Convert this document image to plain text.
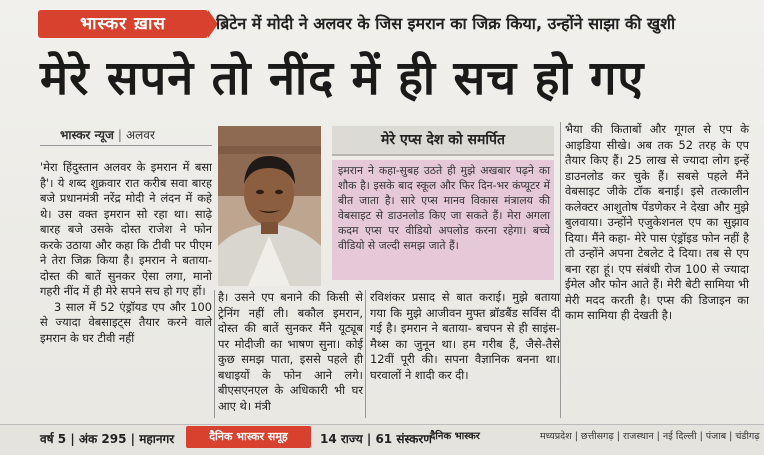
भास्कर ख़ास	ब्रिटेन में मोदी ने अलवर के जिस इमरान का जिक्र किया, उन्होंने साझा की खुशी
मेरे सपने तो नींद में ही सच हो गए
भास्कर न्यूज | अलवर

'मेरा हिंदुस्तान अलवर के इमरान में बसा है'। ये शब्द शुक्रवार रात करीब सवा बारह बजे प्रधानमंत्री नरेंद्र मोदी ने लंदन में कहे थे। उस वक्त इमरान सो रहा था। साढ़े बारह बजे उसके दोस्त राजेश ने फोन करके उठाया और कहा कि टीवी पर पीएम ने तेरा जिक्र किया है। इमरान ने बताया-दोस्त की बातें सुनकर ऐसा लगा, मानो गहरी नींद में ही मेरे सपने सच हो गए हों।

3 साल में 52 एंड्रॉयड एप और 100 से ज्यादा वेबसाइट्स तैयार करने वाले इमरान के घर टीवी नहीं

मेरे एप्स देश को समर्पित
इमरान ने कहा-सुबह उठते ही मुझे अखबार पढ़ने का शौक है। इसके बाद स्कूल और फिर दिन-भर कंप्यूटर में बीत जाता है। सारे एप्स मानव विकास मंत्रालय की वेबसाइट से डाउनलोड किए जा सकते हैं। मेरा अगला कदम एप्स पर वीडियो अपलोड करना रहेगा। बच्चे वीडियो से जल्दी समझ जाते हैं।
है। उसने एप बनाने की किसी से ट्रेनिंग नहीं ली। बकौल इमरान, दोस्त की बातें सुनकर मैंने यूट्यूब पर मोदीजी का भाषण सुना। कोई कुछ समझ पाता, इससे पहले ही बधाइयों के फोन आने लगे। बीएसएनएल के अधिकारी भी घर आए थे। मंत्री
रविशंकर प्रसाद से बात कराई। मुझे बताया गया कि मुझे आजीवन मुफ्त ब्रॉडबैंड सर्विस दी गई है। इमरान ने बताया- बचपन से ही साइंस-मैथ्स का जुनून था। हम गरीब हैं, जैसे-तैसे 12वीं पूरी की। सपना वैज्ञानिक बनना था। घरवालों ने शादी कर दी।
भैया की किताबों और गूगल से एप के आइडिया सीखे। अब तक 52 तरह के एप तैयार किए हैं। 25 लाख से ज्यादा लोग इन्हें डाउनलोड कर चुके हैं। सबसे पहले मैंने वेबसाइट जीके टॉक बनाई। इसे तत्कालीन कलेक्टर आशुतोष पेंडणेकर ने देखा और मुझे बुलवाया। उन्होंने एजुकेशनल एप का सुझाव दिया। मैंने कहा- मेरे पास एंड्रॉइड फोन नहीं है तो उन्होंने अपना टेबलेट दे दिया। तब से एप बना रहा हूं। एप संबंधी रोज 100 से ज्यादा ईमेल और फोन आते हैं। मेरी बेटी सामिया भी मेरी मदद करती है। एप्स की डिजाइन का काम सामिया ही देखती है।
वर्ष 5 | अंक 295 | महानगर	दैनिक भास्कर समूह	14 राज्य | 61 संस्करण
दैनिक भास्कर	मध्यप्रदेश | छत्तीसगढ़ | राजस्थान | नई दिल्ली | पंजाब | चंडीगढ़
